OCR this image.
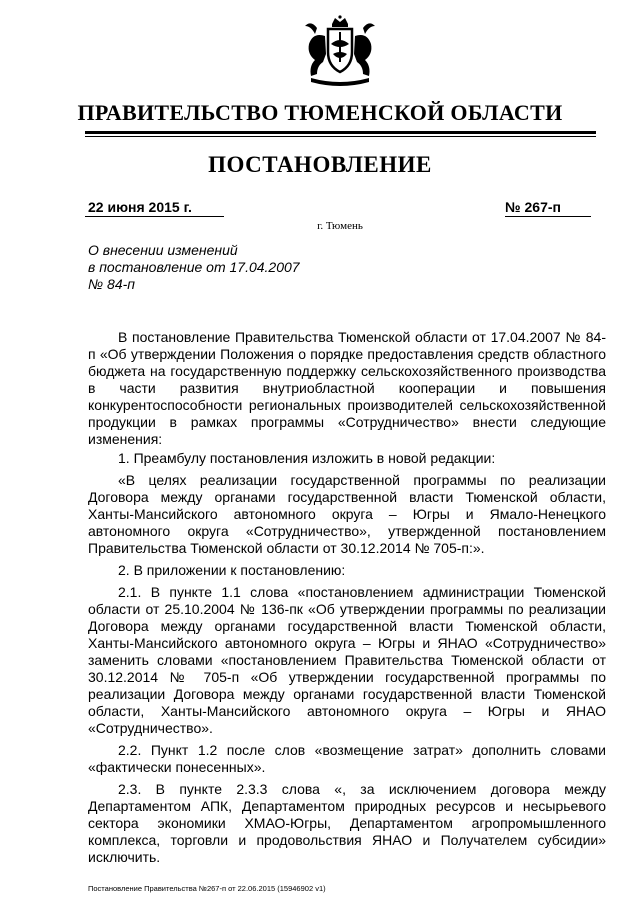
ПРАВИТЕЛЬСТВО ТЮМЕНСКОЙ ОБЛАСТИ
ПОСТАНОВЛЕНИЕ
22 июня 2015 г.	№ 267-п
г. Тюмень
О внесении изменений
в постановление от 17.04.2007
№ 84-п

В постановление Правительства Тюменской области от 17.04.2007 № 84-п «Об утверждении Положения о порядке предоставления средств областного бюджета на государственную поддержку сельскохозяйственного производства в части развития внутриобластной кооперации и повышения конкурентоспособности региональных производителей сельскохозяйственной продукции в рамках программы «Сотрудничество» внести следующие изменения:

1. Преамбулу постановления изложить в новой редакции:

«В целях реализации государственной программы по реализации Договора между органами государственной власти Тюменской области, Ханты-Мансийского автономного округа – Югры и Ямало-Ненецкого автономного округа «Сотрудничество», утвержденной постановлением Правительства Тюменской области от 30.12.2014 № 705-п:».

2. В приложении к постановлению:

2.1. В пункте 1.1 слова «постановлением администрации Тюменской области от 25.10.2004 № 136-пк «Об утверждении программы по реализации Договора между органами государственной власти Тюменской области, Ханты-Мансийского автономного округа – Югры и ЯНАО «Сотрудничество» заменить словами «постановлением Правительства Тюменской области от 30.12.2014 № 705-п «Об утверждении государственной программы по реализации Договора между органами государственной власти Тюменской области, Ханты-Мансийского автономного округа – Югры и ЯНАО «Сотрудничество».

2.2. Пункт 1.2 после слов «возмещение затрат» дополнить словами «фактически понесенных».

2.3. В пункте 2.3.3 слова «, за исключением договора между Департаментом АПК, Департаментом природных ресурсов и несырьевого сектора экономики ХМАО-Югры, Департаментом агропромышленного комплекса, торговли и продовольствия ЯНАО и Получателем субсидии» исключить.

Постановление Правительства №267-п от 22.06.2015 (15946902 v1)
